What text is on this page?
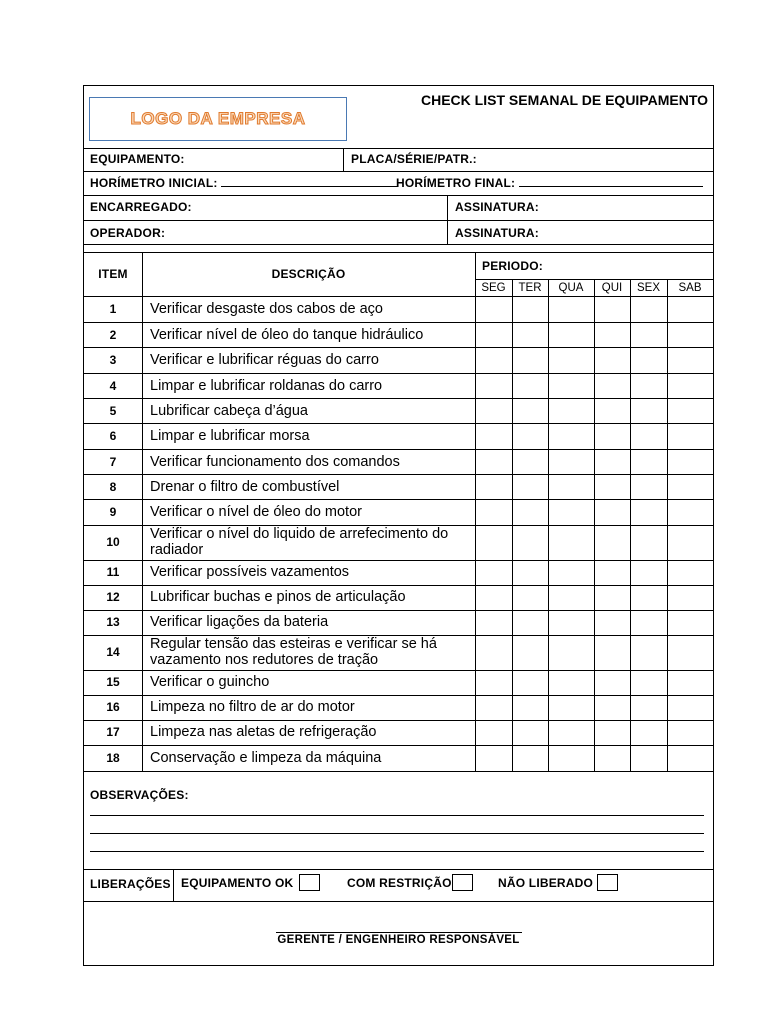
LOGO DA EMPRESA
CHECK LIST SEMANAL DE EQUIPAMENTO
EQUIPAMENTO:	PLACA/SÉRIE/PATR.:
HORÍMETRO INICIAL:	HORÍMETRO FINAL:
ENCARREGADO:	ASSINATURA:
OPERADOR:	ASSINATURA:
ITEM	DESCRIÇÃO
PERIODO:
SEG	TER	QUA	QUI	SEX	SAB
1	Verificar desgaste dos cabos de aço
2	Verificar nível de óleo do tanque hidráulico
3	Verificar e lubrificar réguas do carro
4	Limpar e lubrificar roldanas do carro
5	Lubrificar cabeça d’água
6	Limpar e lubrificar morsa
7	Verificar funcionamento dos comandos
8	Drenar o filtro de combustível
9	Verificar o nível de óleo do motor
10	Verificar o nível do liquido de arrefecimento do radiador
11	Verificar possíveis vazamentos
12	Lubrificar buchas e pinos de articulação
13	Verificar ligações da bateria
14	Regular tensão das esteiras e verificar se há vazamento nos redutores de tração
15	Verificar o guincho
16	Limpeza no filtro de ar do motor
17	Limpeza nas aletas de refrigeração
18	Conservação e limpeza da máquina
OBSERVAÇÕES:
LIBERAÇÕES EQUIPAMENTO OK	COM RESTRIÇÃO	NÃO LIBERADO
GERENTE / ENGENHEIRO RESPONSÁVEL
